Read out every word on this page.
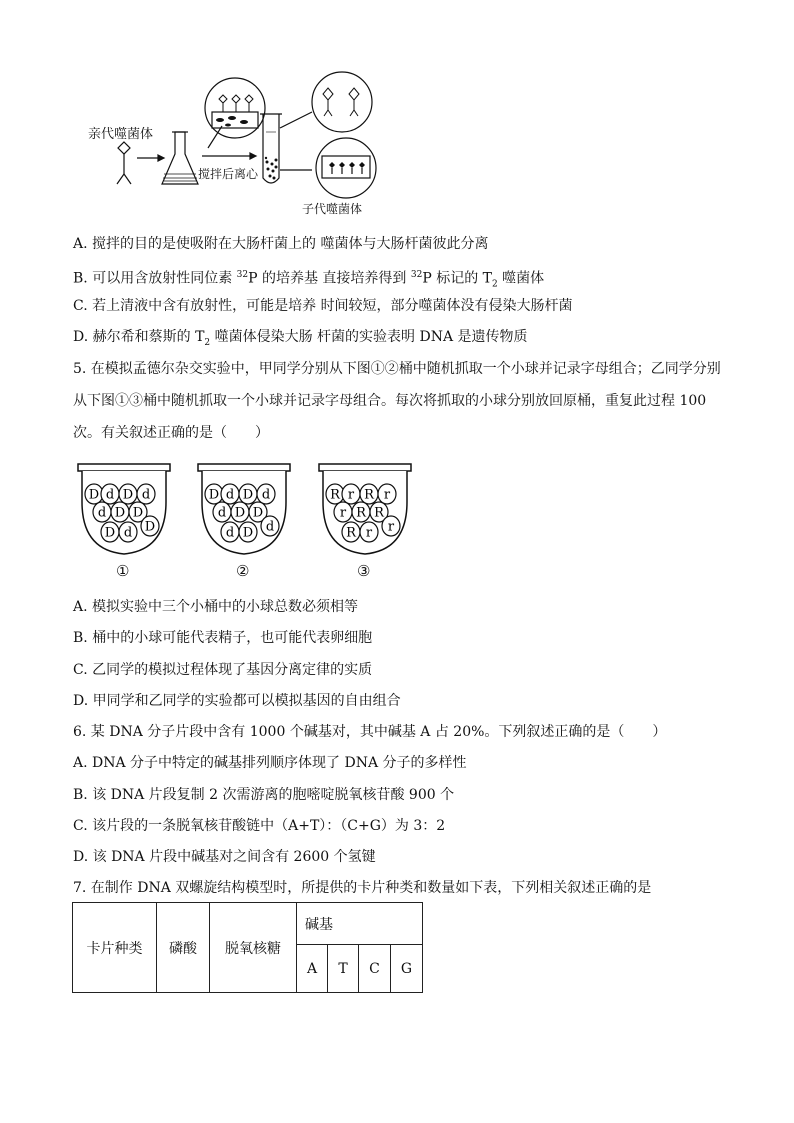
亲代噬菌体
搅拌后离心
子代噬菌体
A. 搅拌的目的是使吸附在大肠杆菌上的 噬菌体与大肠杆菌彼此分离
B. 可以用含放射性同位素 $^{32}$P 的培养基 直接培养得到 $^{32}$P 标记的 $T_2$ 噬菌体
C. 若上清液中含有放射性，可能是培养 时间较短，部分噬菌体没有侵染大肠杆菌
D. 赫尔希和蔡斯的 $T_2$ 噬菌体侵染大肠 杆菌的实验表明 DNA 是遗传物质
5. 在模拟孟德尔杂交实验中，甲同学分别从下图①②桶中随机抓取一个小球并记录字母组合；乙同学分别
从下图①③桶中随机抓取一个小球并记录字母组合。每次将抓取的小球分别放回原桶，重复此过程 100
次。有关叙述正确的是（　　）
D d D d
d D D
D d D
D d D d
d D D
d D d
R r R r
r R R
R r r
①	②	③
A. 模拟实验中三个小桶中的小球总数必须相等
B. 桶中的小球可能代表精子，也可能代表卵细胞
C. 乙同学的模拟过程体现了基因分离定律的实质
D. 甲同学和乙同学的实验都可以模拟基因的自由组合
6. 某 DNA 分子片段中含有 1000 个碱基对，其中碱基 A 占 20%。下列叙述正确的是（　　）
A. DNA 分子中特定的碱基排列顺序体现了 DNA 分子的多样性
B. 该 DNA 片段复制 2 次需游离的胞嘧啶脱氧核苷酸 900 个
C. 该片段的一条脱氧核苷酸链中（A+T）：（C+G）为 3：2
D. 该 DNA 片段中碱基对之间含有 2600 个氢键
7. 在制作 DNA 双螺旋结构模型时，所提供的卡片种类和数量如下表，下列相关叙述正确的是
卡片种类	磷酸	脱氧核糖	碱基			
			A	T	C	G
